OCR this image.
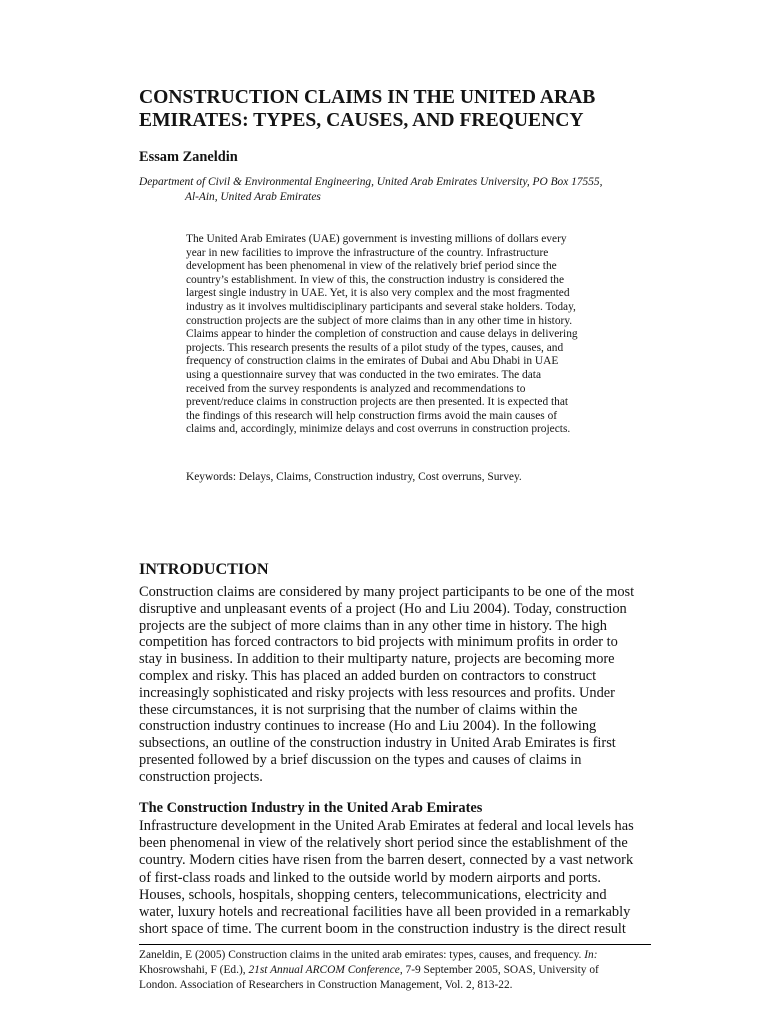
CONSTRUCTION CLAIMS IN THE UNITED ARAB
EMIRATES: TYPES, CAUSES, AND FREQUENCY

Essam Zaneldin

Department of Civil & Environmental Engineering, United Arab Emirates University, PO Box 17555,
Al-Ain, United Arab Emirates

The United Arab Emirates (UAE) government is investing millions of dollars every
year in new facilities to improve the infrastructure of the country. Infrastructure
development has been phenomenal in view of the relatively brief period since the
country’s establishment. In view of this, the construction industry is considered the
largest single industry in UAE. Yet, it is also very complex and the most fragmented
industry as it involves multidisciplinary participants and several stake holders. Today,
construction projects are the subject of more claims than in any other time in history.
Claims appear to hinder the completion of construction and cause delays in delivering
projects. This research presents the results of a pilot study of the types, causes, and
frequency of construction claims in the emirates of Dubai and Abu Dhabi in UAE
using a questionnaire survey that was conducted in the two emirates. The data
received from the survey respondents is analyzed and recommendations to
prevent/reduce claims in construction projects are then presented. It is expected that
the findings of this research will help construction firms avoid the main causes of
claims and, accordingly, minimize delays and cost overruns in construction projects.

Keywords: Delays, Claims, Construction industry, Cost overruns, Survey.

INTRODUCTION

Construction claims are considered by many project participants to be one of the most
disruptive and unpleasant events of a project (Ho and Liu 2004). Today, construction
projects are the subject of more claims than in any other time in history. The high
competition has forced contractors to bid projects with minimum profits in order to
stay in business. In addition to their multiparty nature, projects are becoming more
complex and risky. This has placed an added burden on contractors to construct
increasingly sophisticated and risky projects with less resources and profits. Under
these circumstances, it is not surprising that the number of claims within the
construction industry continues to increase (Ho and Liu 2004). In the following
subsections, an outline of the construction industry in United Arab Emirates is first
presented followed by a brief discussion on the types and causes of claims in
construction projects.

The Construction Industry in the United Arab Emirates

Infrastructure development in the United Arab Emirates at federal and local levels has
been phenomenal in view of the relatively short period since the establishment of the
country. Modern cities have risen from the barren desert, connected by a vast network
of first-class roads and linked to the outside world by modern airports and ports.
Houses, schools, hospitals, shopping centers, telecommunications, electricity and
water, luxury hotels and recreational facilities have all been provided in a remarkably
short space of time. The current boom in the construction industry is the direct result

Zaneldin, E (2005) Construction claims in the united arab emirates: types, causes, and frequency. In:
Khosrowshahi, F (Ed.), 21st Annual ARCOM Conference, 7-9 September 2005, SOAS, University of
London. Association of Researchers in Construction Management, Vol. 2, 813-22.
